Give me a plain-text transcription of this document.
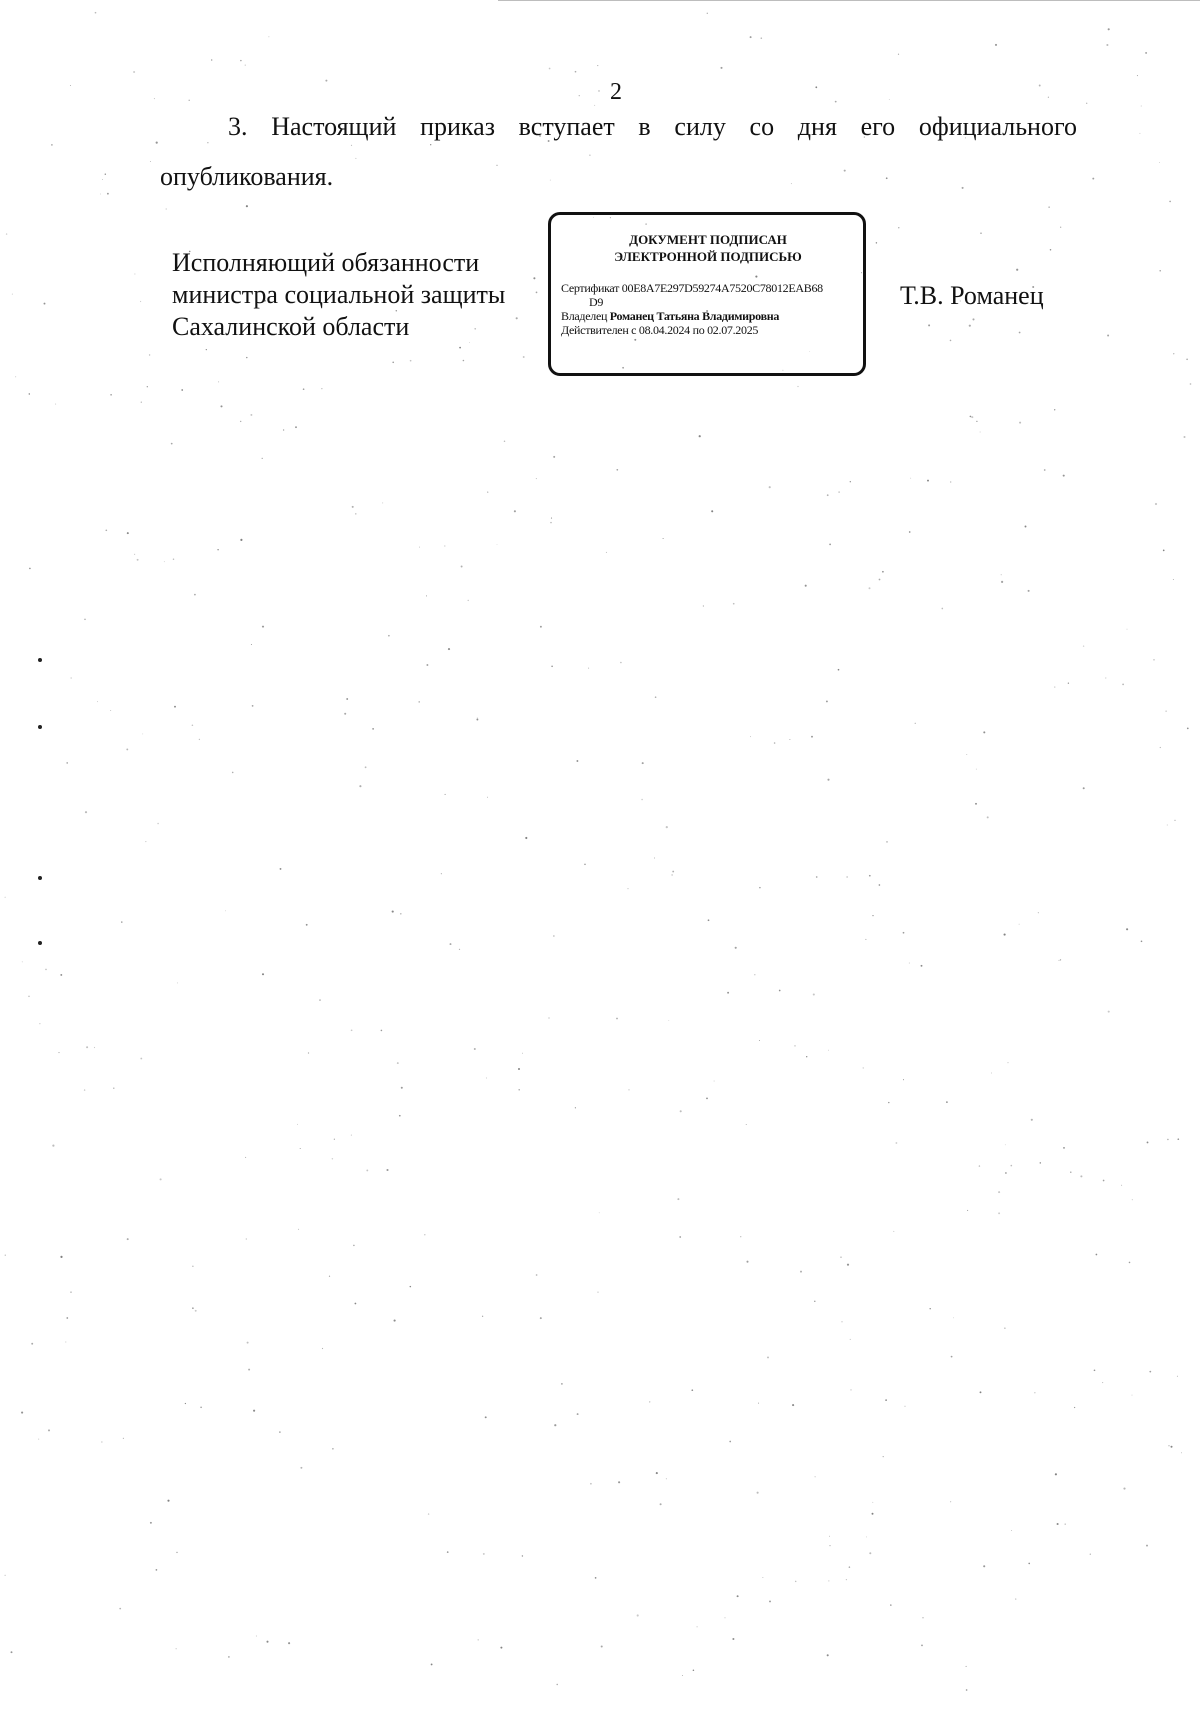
2

3. Настоящий приказ вступает в силу со дня его официального опубликования.

Исполняющий обязанности
министра социальной защиты
Сахалинской области
ДОКУМЕНТ ПОДПИСАН
ЭЛЕКТРОННОЙ ПОДПИСЬЮ
Сертификат 00E8A7E297D59274A7520C78012EAB68
D9
Владелец Романец Татьяна Владимировна
Действителен с 08.04.2024 по 02.07.2025
Т.В. Романец
